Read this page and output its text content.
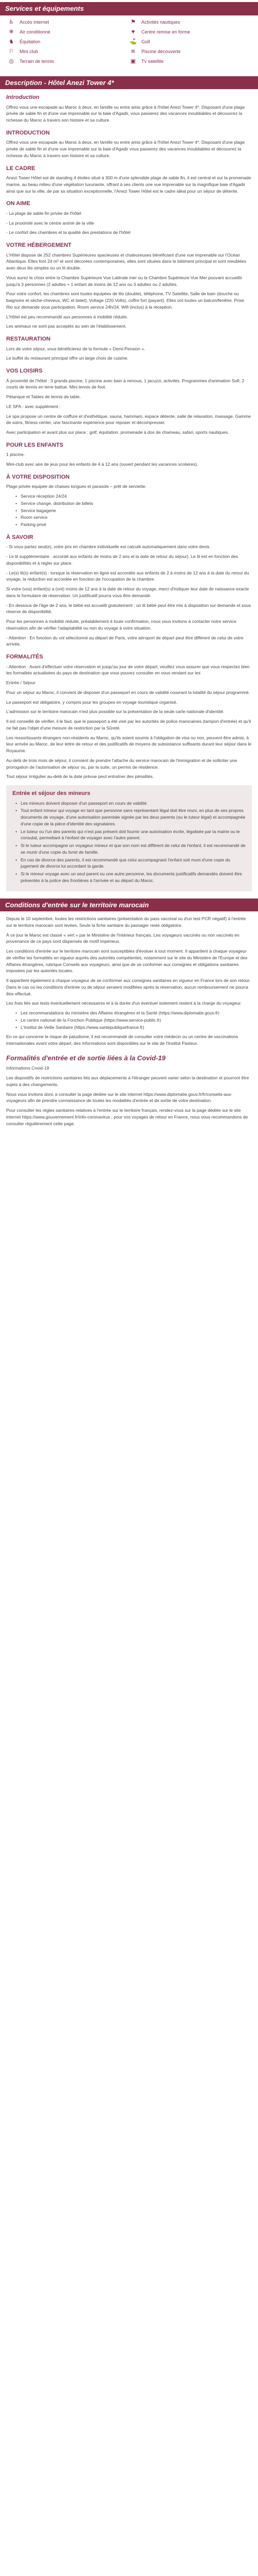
Services et équipements
♿	Accès internet	⚑	Activités nautiques
❄	Air conditionné	♥	Centre remise en forme
♞	Équitation	⛳ Golf
⚐	Mini club	≋	Piscine découverte
◎	Terrain de tennis	▣	Tv satellite
Description - Hôtel Anezi Tower 4*
Introduction

Offrez-vous une escapade au Maroc à deux, en famille ou entre amis grâce à l'hôtel Anezi Tower 4*. Disposant d'une plage privée de sable fin et d'une vue imprenable sur la baie d'Agadir, vous passerez des vacances inoubliables et découvrez la richesse du Maroc à travers son histoire et sa culture.

INTRODUCTION

Offrez-vous une escapade au Maroc à deux, en famille ou entre amis grâce à l'hôtel Anezi Tower 4*. Disposant d'une plage privée de sable fin et d'une vue imprenable sur la baie d'Agadir vous passerez des vacances inoubliables et découvrez la richesse du Maroc à travers son histoire et sa culture.

LE CADRE

Anezi Tower Hôtel est de standing 4 étoiles situé à 300 m d'une splendide plage de sable fin, il est central et sur la promenade marine, au beau milieu d'une végétation luxuriante, offrant à ses clients une vue imprenable sur la magnifique baie d'Agadir ainsi que sur la ville, de par sa situation exceptionnelle, l'Anezi Tower Hôtel est le cadre idéal pour un séjour de détente.

ON AIME

- La plage de sable fin privée de l'hôtel

- La proximité avec le centre animé de la ville

- Le confort des chambres et la qualité des prestations de l'hôtel

VOTRE HÉBERGEMENT

L'Hôtel dispose de 252 chambres Supérieures spacieuses et chaleureuses bénéficiant d'une vue imprenable sur l'Océan Atlantique. Elles font 24 m² et sont décorées contemporaines, elles sont situées dans le bâtiment principal et sont meublées avec deux lits simples ou un lit double.

Vous aurez le choix entre la Chambre Supérieure Vue Latérale mer ou la Chambre Supérieure Vue Mer pouvant accueillir jusqu'à 3 personnes (2 adultes + 1 enfant de moins de 12 ans ou 3 adultes ou 2 adultes.

Pour votre confort, les chambres sont toutes équipées de lits (double), téléphone, TV Satellite, Salle de bain (douche ou baignoire et sèche-cheveux, WC et bidet), Voltage (220 Volts), coffre fort (payant). Elles ont toutes un balcon/fenêtre. Prise Rio sur demande sous participation. Room service 24h/24. Wifi (inclus) à la réception.

L'Hôtel est peu recommandé aux personnes à mobilité réduite.

Les animaux ne sont pas acceptés au sein de l'établissement.

RESTAURATION

Lors de votre séjour, vous bénéficierez de la formule « Demi-Pension ».

Le buffet du restaurant principal offre un large choix de cuisine.

VOS LOISIRS

À proximité de l'hôtel : 3 grands piscine, 1 piscine avec bain à remous, 1 jacuzzi, activités. Programmes d'animation Soft. 2 courts de tennis en terre battue. Mini tennis de foot.

Pétanque et Tables de tennis de table.

LE SPA - avec supplément :

Le spa propose un centre de coiffure et d'esthétique, sauna, hammam, espace détente, salle de relaxation, massage. Gamme de soins, fitness center, une fascinante expérience pour reposer et décompresser.

Avec participation et avant plus sur place : golf, équitation, promenade à dos de chameau, safari, sports nautiques.

POUR LES ENFANTS

1 piscine.

Mini-club avec aire de jeux pour les enfants de 4 à 12 ans (ouvert pendant les vacances scolaires).

À VOTRE DISPOSITION

Plage privée équipée de chaises longues et parasols – prêt de serviette.

• Service réception 24/24
• Service change, distribution de billets
• Service bagagerie
• Room service
• Parking privé
À SAVOIR

- Si vous partez seul(e), votre prix en chambre individuelle est calculé automatiquement dans votre devis.

- Le lit supplémentaire : accordé aux enfants de moins de 2 ans et la date de retour du séjour). Le lit est en fonction des disponibilités et à régler sur place.

- Le(s) lit(s) enfant(s) : lorsque la réservation en ligne est accordée aux enfants de 2 à moins de 12 ans à la date du retour du voyage, la réduction est accordée en fonction de l'occupation de la chambre.

Si votre (vos) enfant(s) a (ont) moins de 12 ans à la date de retour du voyage, merci d'indiquer leur date de naissance exacte dans le formulaire de réservation. Un justificatif pourra vous être demandé.

- En dessous de l'âge de 2 ans, le bébé est accueilli gratuitement ; un lit bébé peut être mis à disposition sur demande et sous réserve de disponibilité.

Pour les personnes à mobilité réduite, préalablement à toute confirmation, nous vous invitons à contacter notre service réservation afin de vérifier l'adaptabilité ou non du voyage à votre situation.

- Attention : En fonction du vol sélectionné au départ de Paris, votre aéroport de départ peut être différent de celui de votre arrivée.

FORMALITÉS

- Attention : Avant d'effectuer votre réservation et jusqu'au jour de votre départ, veuillez vous assurer que vous respectez bien les formalités actualisées du pays de destination que vous pouvez consulter en vous rendant sur les

Entrée / Séjour

Pour un séjour au Maroc, il convient de disposer d'un passeport en cours de validité couvrant la totalité du séjour programmé.

Le passeport est obligatoire, y compris pour les groupes en voyage touristique organisé.

L'admission sur le territoire marocain n'est plus possible sur la présentation de la seule carte nationale d'identité.

Il est conseillé de vérifier, il le faut, que le passeport a été visé par les autorités de police marocaines (tampon d'entrée) et qu'il ne fait pas l'objet d'une mesure de restriction par la Sûreté.

Les ressortissants étrangers non-résidents au Maroc, qu'ils soient soumis à l'obligation de visa ou non, peuvent être admis, à leur arrivée au Maroc, de leur lettre de retour et des justificatifs de moyens de subsistance suffisants durant leur séjour dans le Royaume.

Au-delà de trois mois de séjour, il convient de prendre l'attache du service marocain de l'immigration et de solliciter une prorogation de l'autorisation de séjour ou, par la suite, un permis de résidence.

Tout séjour irrégulier au-delà de la date prévue peut entraîner des pénalités.

Entrée et séjour des mineurs
• Les mineurs doivent disposer d'un passeport en cours de validité.
• Tout enfant mineur qui voyage en tant que personne sans représentant légal doit être muni, en plus de ses propres documents de voyage, d'une autorisation parentale signée par les deux parents (ou le tuteur légal) et accompagnée d'une copie de la pièce d'identité des signataires.
• Le tuteur ou l'un des parents qui n'est pas présent doit fournir une autorisation écrite, légalisée par la mairie ou le consulat, permettant à l'enfant de voyager avec l'autre parent.
• Si le tuteur accompagne un voyageur mineur et que son nom est différent de celui de l'enfant, il est recommandé de se munir d'une copie du livret de famille.
• En cas de divorce des parents, il est recommandé que celui accompagnant l'enfant soit muni d'une copie du jugement de divorce lui accordant la garde.
• Si le mineur voyage avec un seul parent ou une autre personne, les documents justificatifs demandés doivent être présentés à la police des frontières à l'arrivée et au départ du Maroc.
Conditions d'entrée sur le territoire marocain

Depuis le 10 septembre, toutes les restrictions sanitaires (présentation du pass vaccinal ou d'un test PCR négatif) à l'entrée sur le territoire marocain sont levées. Seule la fiche sanitaire du passager reste obligatoire.

À ce jour le Maroc est classé « vert » par le Ministère de l'Intérieur français. Les voyageurs vaccinés ou non vaccinés en provenance de ce pays sont dispensés de motif impérieux.

Les conditions d'entrée sur le territoire marocain sont susceptibles d'évoluer à tout moment. Il appartient à chaque voyageur de vérifier les formalités en vigueur auprès des autorités compétentes, notamment sur le site du Ministère de l'Europe et des Affaires étrangères, rubrique Conseils aux voyageurs, ainsi que de se conformer aux consignes et obligations sanitaires imposées par les autorités locales.

Il appartient également à chaque voyageur de se conformer aux consignes sanitaires en vigueur en France lors de son retour. Dans le cas où les conditions d'entrée ou de séjour seraient modifiées après la réservation, aucun remboursement ne pourra être effectué.

Les frais liés aux tests éventuellement nécessaires et à la durée d'un éventuel isolement restent à la charge du voyageur.

• Les recommandations du ministère des Affaires étrangères et la Santé (https://www.diplomatie.gouv.fr)
• Le centre national de la Fonction Publique (https://www.service-public.fr)
• L'institut de Veille Sanitaire (https://www.santepubliquefrance.fr)

En ce qui concerne le risque de paludisme, il est recommandé de consulter votre médecin ou un centre de vaccinations internationales avant votre départ, des informations sont disponibles sur le site de l'Institut Pasteur.

Formalités d'entrée et de sortie liées à la Covid-19

Informations Covid-19

Les dispositifs de restrictions sanitaires liés aux déplacements à l'étranger peuvent varier selon la destination et pourront être sujets à des changements.

Nous vous invitons donc à consulter la page dédiée sur le site internet https://www.diplomatie.gouv.fr/fr/conseils-aux-voyageurs afin de prendre connaissance de toutes les modalités d'entrée et de sortie de votre destination.

Pour consulter les règles sanitaires relatives à l'entrée sur le territoire français, rendez-vous sur la page dédiée sur le site internet https://www.gouvernement.fr/info-coronavirus ; pour vos voyages de retour en France, nous vous recommandons de consulter régulièrement cette page.
